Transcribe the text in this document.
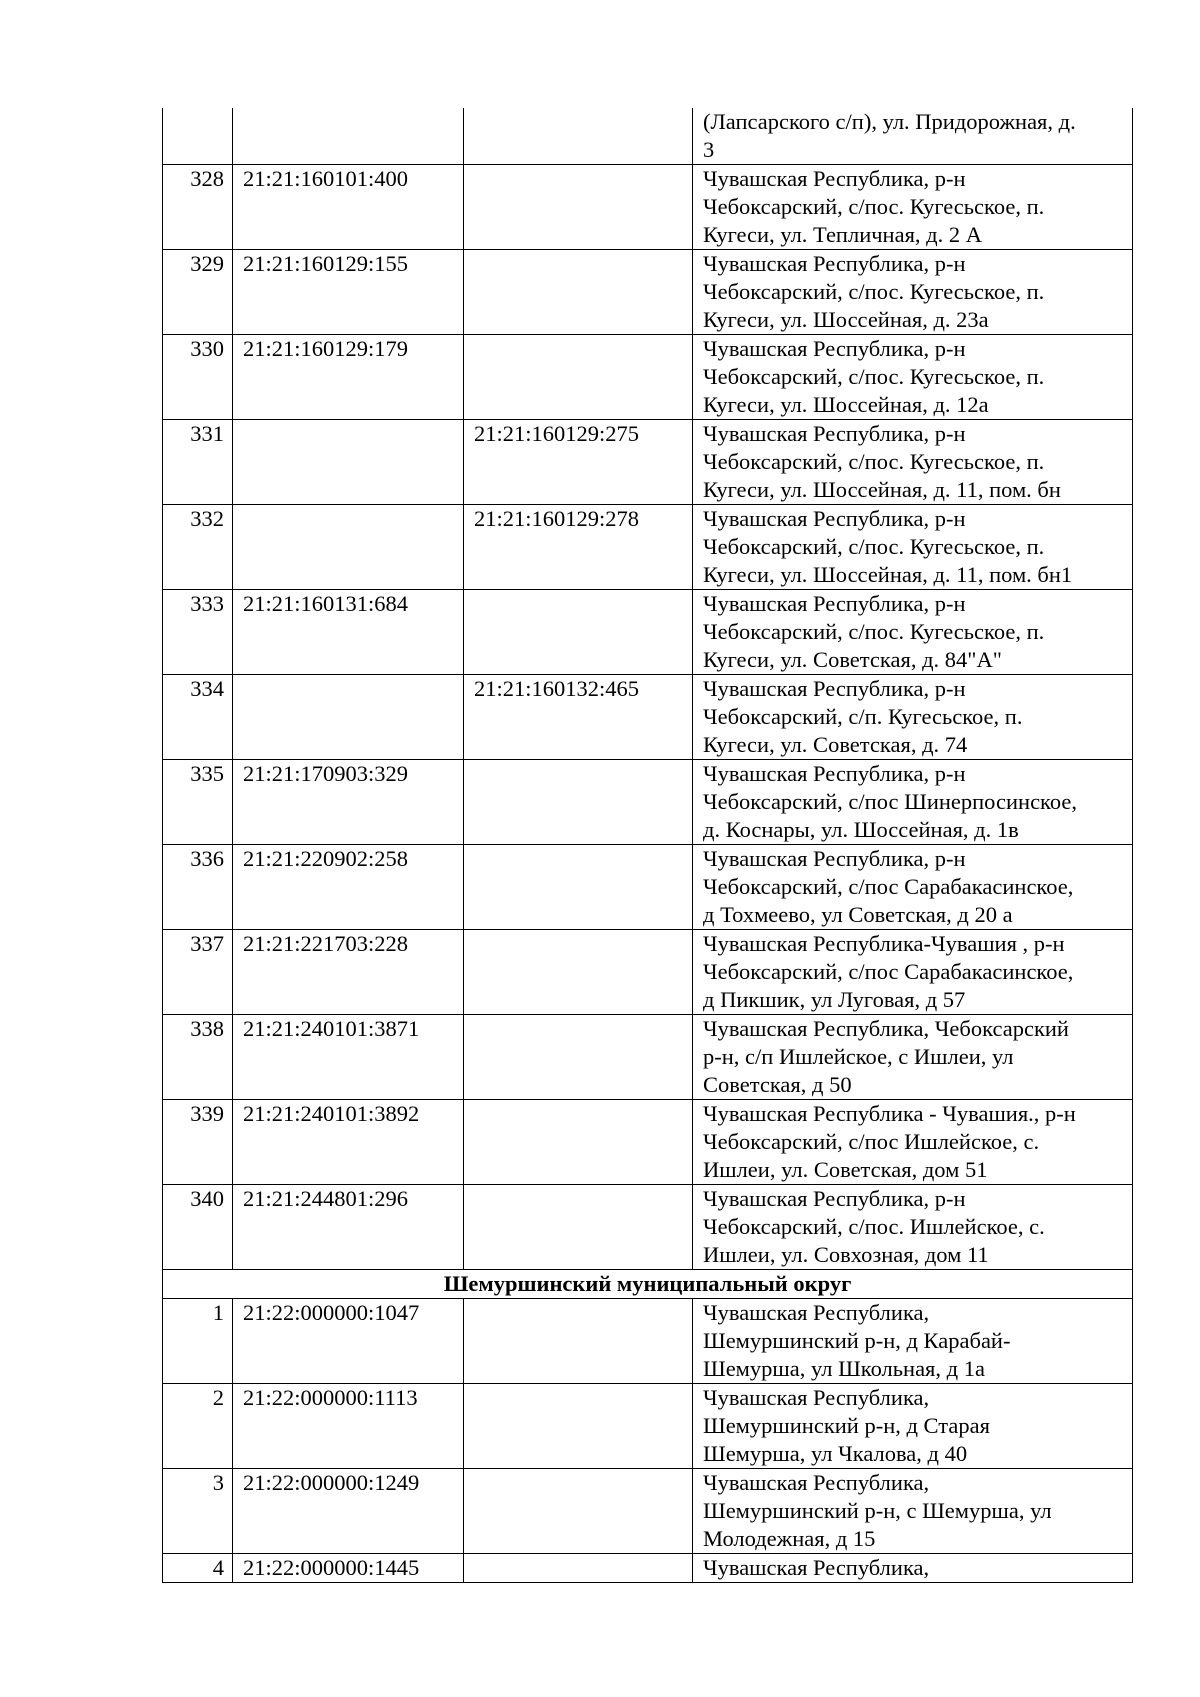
			(Лапсарского с/п), ул. Придорожная, д.
3

328	21:21:160101:400		Чувашская Республика, р-н
Чебоксарский, с/пос. Кугесьское, п.
Кугеси, ул. Тепличная, д. 2 А

329	21:21:160129:155		Чувашская Республика, р-н
Чебоксарский, с/пос. Кугесьское, п.
Кугеси, ул. Шоссейная, д. 23а

330	21:21:160129:179		Чувашская Республика, р-н
Чебоксарский, с/пос. Кугесьское, п.
Кугеси, ул. Шоссейная, д. 12а

331		21:21:160129:275	Чувашская Республика, р-н
Чебоксарский, с/пос. Кугесьское, п.
Кугеси, ул. Шоссейная, д. 11, пом. бн

332		21:21:160129:278	Чувашская Республика, р-н
Чебоксарский, с/пос. Кугесьское, п.
Кугеси, ул. Шоссейная, д. 11, пом. бн1

333	21:21:160131:684		Чувашская Республика, р-н
Чебоксарский, с/пос. Кугесьское, п.
Кугеси, ул. Советская, д. 84"А"

334		21:21:160132:465	Чувашская Республика, р-н
Чебоксарский, с/п. Кугесьское, п.
Кугеси, ул. Советская, д. 74

335	21:21:170903:329		Чувашская Республика, р-н
Чебоксарский, с/пос Шинерпосинское,
д. Коснары, ул. Шоссейная, д. 1в

336	21:21:220902:258		Чувашская Республика, р-н
Чебоксарский, с/пос Сарабакасинское,
д Тохмеево, ул Советская, д 20 а

337	21:21:221703:228		Чувашская Республика-Чувашия , р-н
Чебоксарский, с/пос Сарабакасинское,
д Пикшик, ул Луговая, д 57

338	21:21:240101:3871		Чувашская Республика, Чебоксарский
р-н, с/п Ишлейское, с Ишлеи, ул
Советская, д 50

339	21:21:240101:3892		Чувашская Республика - Чувашия., р-н
Чебоксарский, с/пос Ишлейское, с.
Ишлеи, ул. Советская, дом 51

340	21:21:244801:296		Чувашская Республика, р-н
Чебоксарский, с/пос. Ишлейское, с.
Ишлеи, ул. Совхозная, дом 11

Шемуршинский муниципальный округ			
1	21:22:000000:1047		Чувашская Республика,
Шемуршинский р-н, д Карабай-
Шемурша, ул Школьная, д 1а

2	21:22:000000:1113		Чувашская Республика,
Шемуршинский р-н, д Старая
Шемурша, ул Чкалова, д 40

3	21:22:000000:1249		Чувашская Республика,
Шемуршинский р-н, с Шемурша, ул
Молодежная, д 15

4	21:22:000000:1445		Чувашская Республика,
